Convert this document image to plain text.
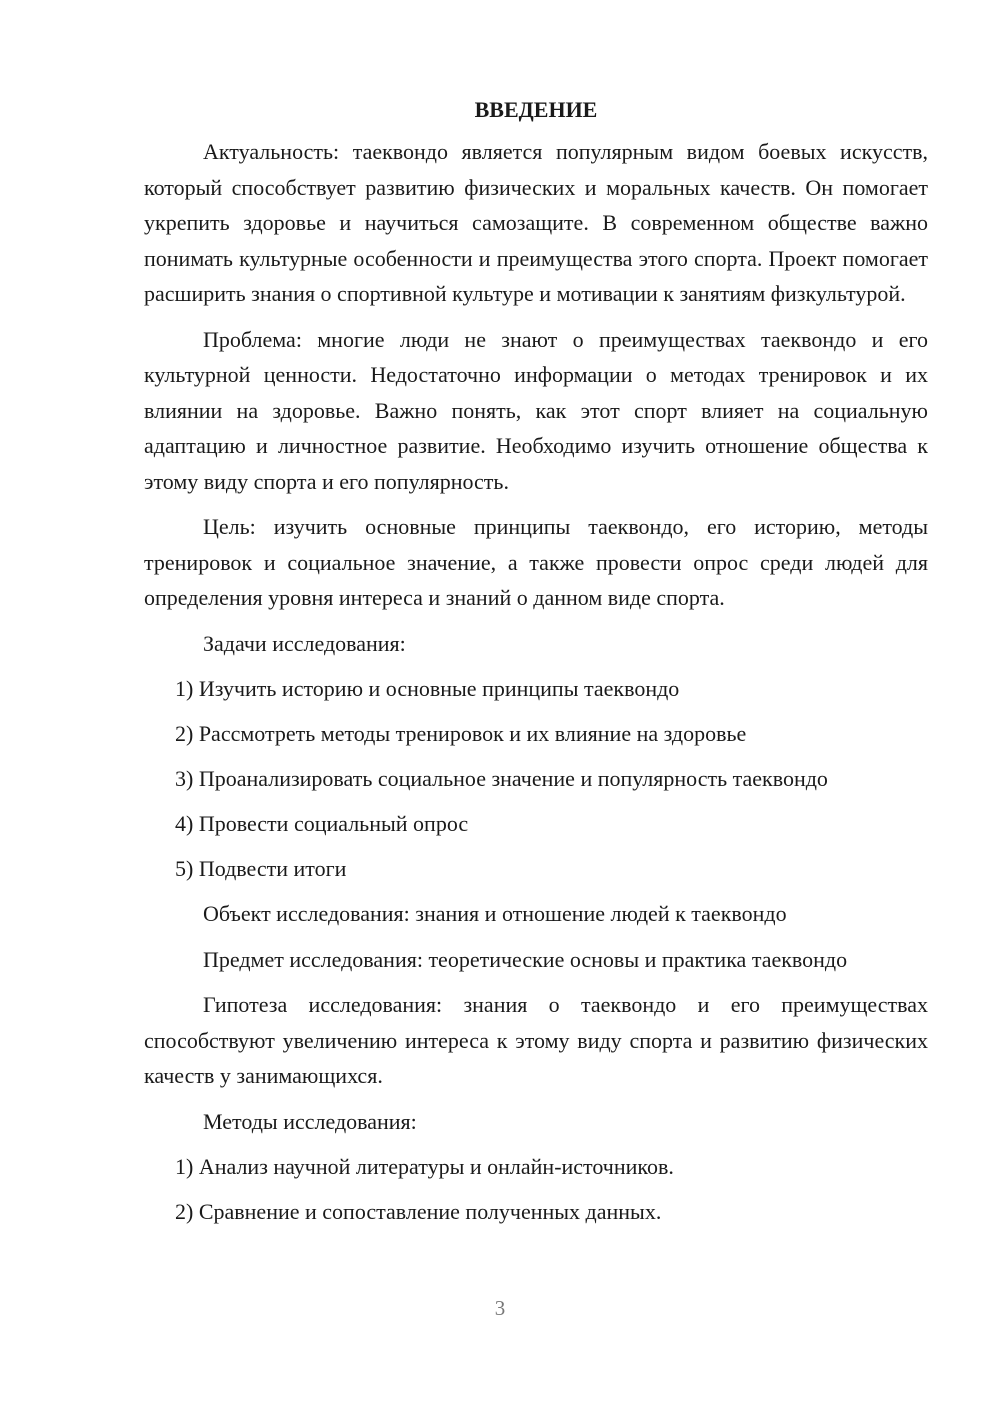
ВВЕДЕНИЕ

Актуальность: таеквондо является популярным видом боевых искусств, который способствует развитию физических и моральных качеств. Он помогает укрепить здоровье и научиться самозащите. В современном обществе важно понимать культурные особенности и преимущества этого спорта. Проект помогает расширить знания о спортивной культуре и мотивации к занятиям физкультурой.

Проблема: многие люди не знают о преимуществах таеквондо и его культурной ценности. Недостаточно информации о методах тренировок и их влиянии на здоровье. Важно понять, как этот спорт влияет на социальную адаптацию и личностное развитие. Необходимо изучить отношение общества к этому виду спорта и его популярность.

Цель: изучить основные принципы таеквондо, его историю, методы тренировок и социальное значение, а также провести опрос среди людей для определения уровня интереса и знаний о данном виде спорта.

Задачи исследования:

1) Изучить историю и основные принципы таеквондо
2) Рассмотреть методы тренировок и их влияние на здоровье
3) Проанализировать социальное значение и популярность таеквондо
4) Провести социальный опрос
5) Подвести итоги

Объект исследования: знания и отношение людей к таеквондо

Предмет исследования: теоретические основы и практика таеквондо

Гипотеза исследования: знания о таеквондо и его преимуществах способствуют увеличению интереса к этому виду спорта и развитию физических качеств у занимающихся.

Методы исследования:

1) Анализ научной литературы и онлайн-источников.
2) Сравнение и сопоставление полученных данных.
3
